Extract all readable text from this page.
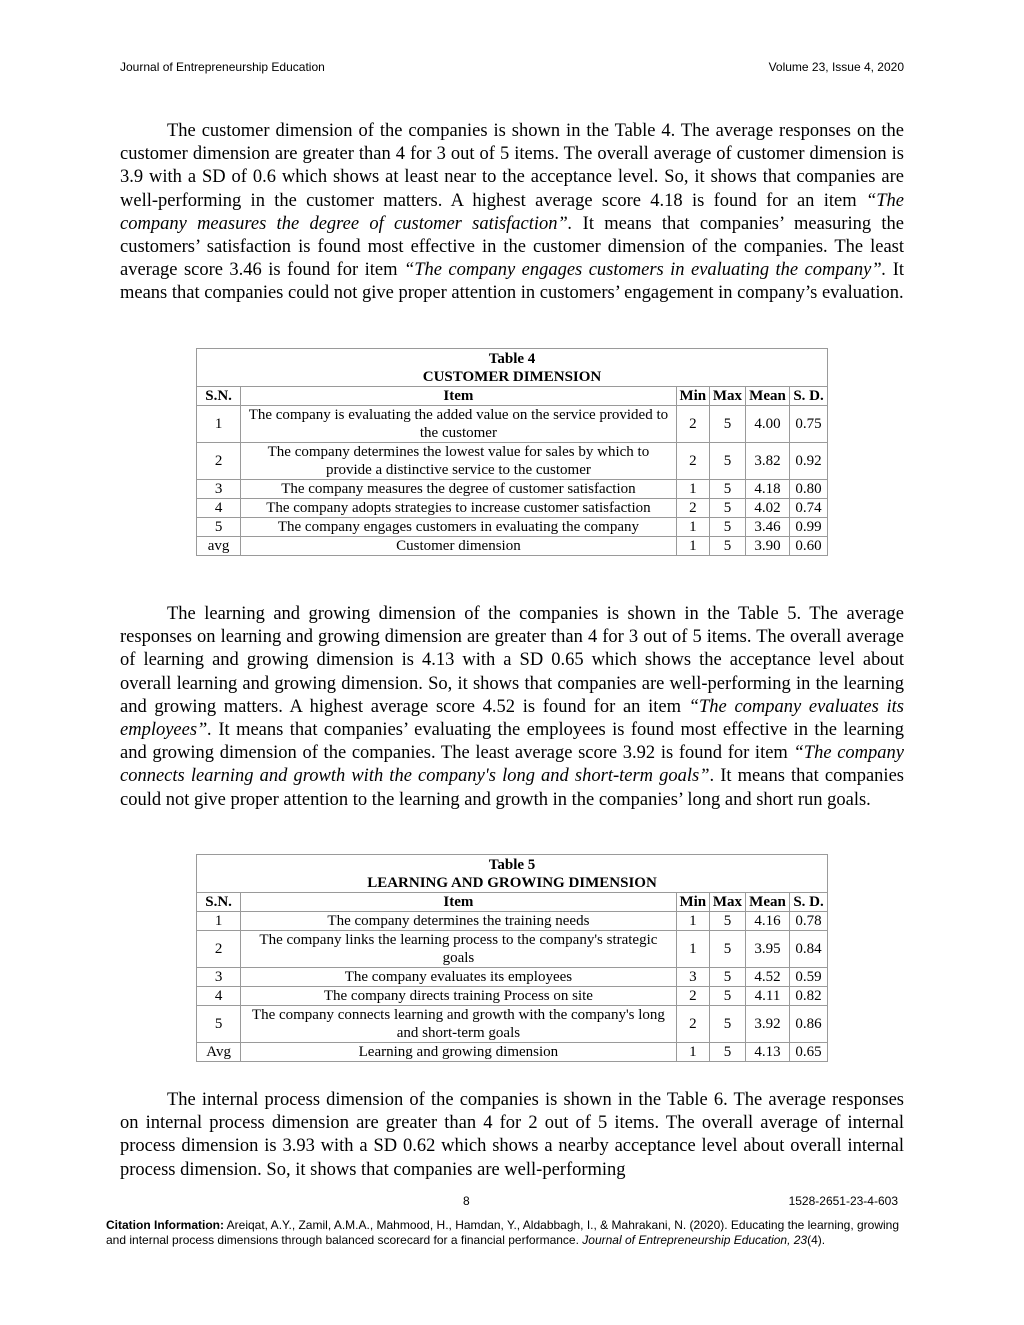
Journal of Entrepreneurship Education	Volume 23, Issue 4, 2020

The customer dimension of the companies is shown in the Table 4. The average responses on the customer dimension are greater than 4 for 3 out of 5 items. The overall average of customer dimension is 3.9 with a SD of 0.6 which shows at least near to the acceptance level. So, it shows that companies are well-performing in the customer matters. A highest average score 4.18 is found for an item “The company measures the degree of customer satisfaction”. It means that companies’ measuring the customers’ satisfaction is found most effective in the customer dimension of the companies. The least average score 3.46 is found for item “The company engages customers in evaluating the company”. It means that companies could not give proper attention in customers’ engagement in company’s evaluation.

Table 4
CUSTOMER DIMENSION					

S.N.	Item	Min	Max	Mean	S. D.
1	The company is evaluating the added value on the service provided to the customer	2	5	4.00	0.75
2	The company determines the lowest value for sales by which to provide a distinctive service to the customer	2	5	3.82	0.92
3	The company measures the degree of customer satisfaction	1	5	4.18	0.80
4	The company adopts strategies to increase customer satisfaction	2	5	4.02	0.74
5	The company engages customers in evaluating the company	1	5	3.46	0.99
avg	Customer dimension	1	5	3.90	0.60

The learning and growing dimension of the companies is shown in the Table 5. The average responses on learning and growing dimension are greater than 4 for 3 out of 5 items. The overall average of learning and growing dimension is 4.13 with a SD 0.65 which shows the acceptance level about overall learning and growing dimension. So, it shows that companies are well-performing in the learning and growing matters. A highest average score 4.52 is found for an item “The company evaluates its employees”. It means that companies’ evaluating the employees is found most effective in the learning and growing dimension of the companies. The least average score 3.92 is found for item “The company connects learning and growth with the company's long and short-term goals”. It means that companies could not give proper attention to the learning and growth in the companies’ long and short run goals.

Table 5
LEARNING AND GROWING DIMENSION					

S.N.	Item	Min	Max	Mean	S. D.
1	The company determines the training needs	1	5	4.16	0.78
2	The company links the learning process to the company's strategic goals	1	5	3.95	0.84
3	The company evaluates its employees	3	5	4.52	0.59
4	The company directs training Process on site	2	5	4.11	0.82
5	The company connects learning and growth with the company's long and short-term goals	2	5	3.92	0.86
Avg	Learning and growing dimension	1	5	4.13	0.65

The internal process dimension of the companies is shown in the Table 6. The average responses on internal process dimension are greater than 4 for 2 out of 5 items. The overall average of internal process dimension is 3.93 with a SD 0.62 which shows a nearby acceptance level about overall internal process dimension. So, it shows that companies are well-performing

8	1528-2651-23-4-603
Citation Information: Areiqat, A.Y., Zamil, A.M.A., Mahmood, H., Hamdan, Y., Aldabbagh, I., & Mahrakani, N. (2020). Educating the learning, growing and internal process dimensions through balanced scorecard for a financial performance. Journal of Entrepreneurship Education, 23(4).
